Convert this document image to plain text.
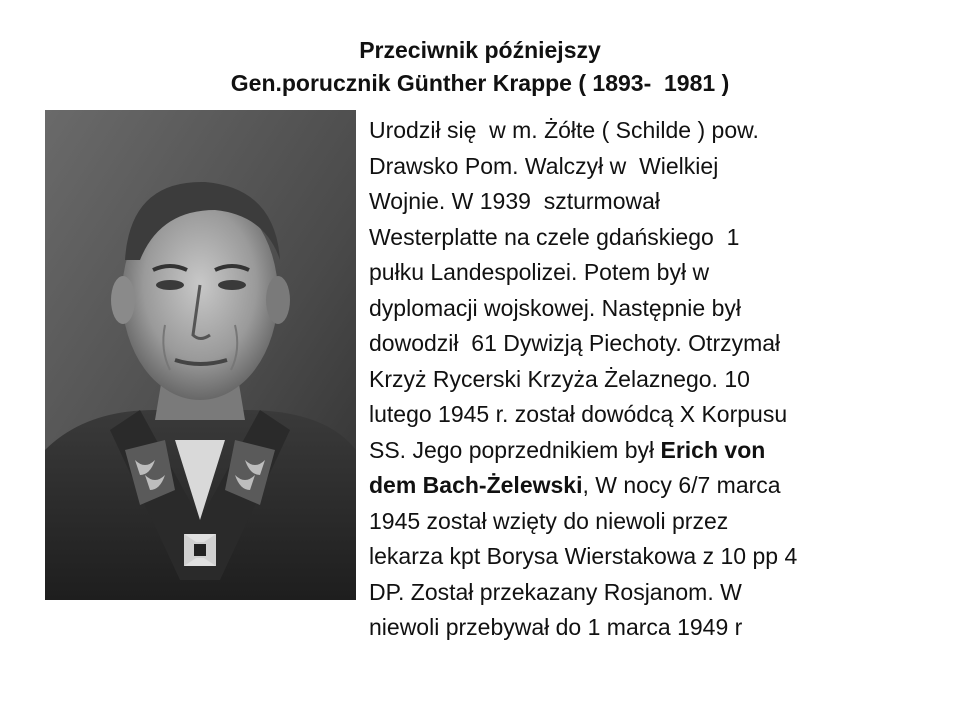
Przeciwnik późniejszy
Gen.porucznik Günther Krappe ( 1893-  1981 )
Urodził się  w m. Żółte ( Schilde ) pow.
Drawsko Pom. Walczył w  Wielkiej
Wojnie. W 1939  szturmował
Westerplatte na czele gdańskiego  1
pułku Landespolizei. Potem był w
dyplomacji wojskowej. Następnie był
dowodził  61 Dywizją Piechoty. Otrzymał
Krzyż Rycerski Krzyża Żelaznego. 10
lutego 1945 r. został dowódcą X Korpusu
SS. Jego poprzednikiem był Erich von
dem Bach-Żelewski, W nocy 6/7 marca
1945 został wzięty do niewoli przez
lekarza kpt Borysa Wierstakowa z 10 pp 4
DP. Został przekazany Rosjanom. W
niewoli przebywał do 1 marca 1949 r
